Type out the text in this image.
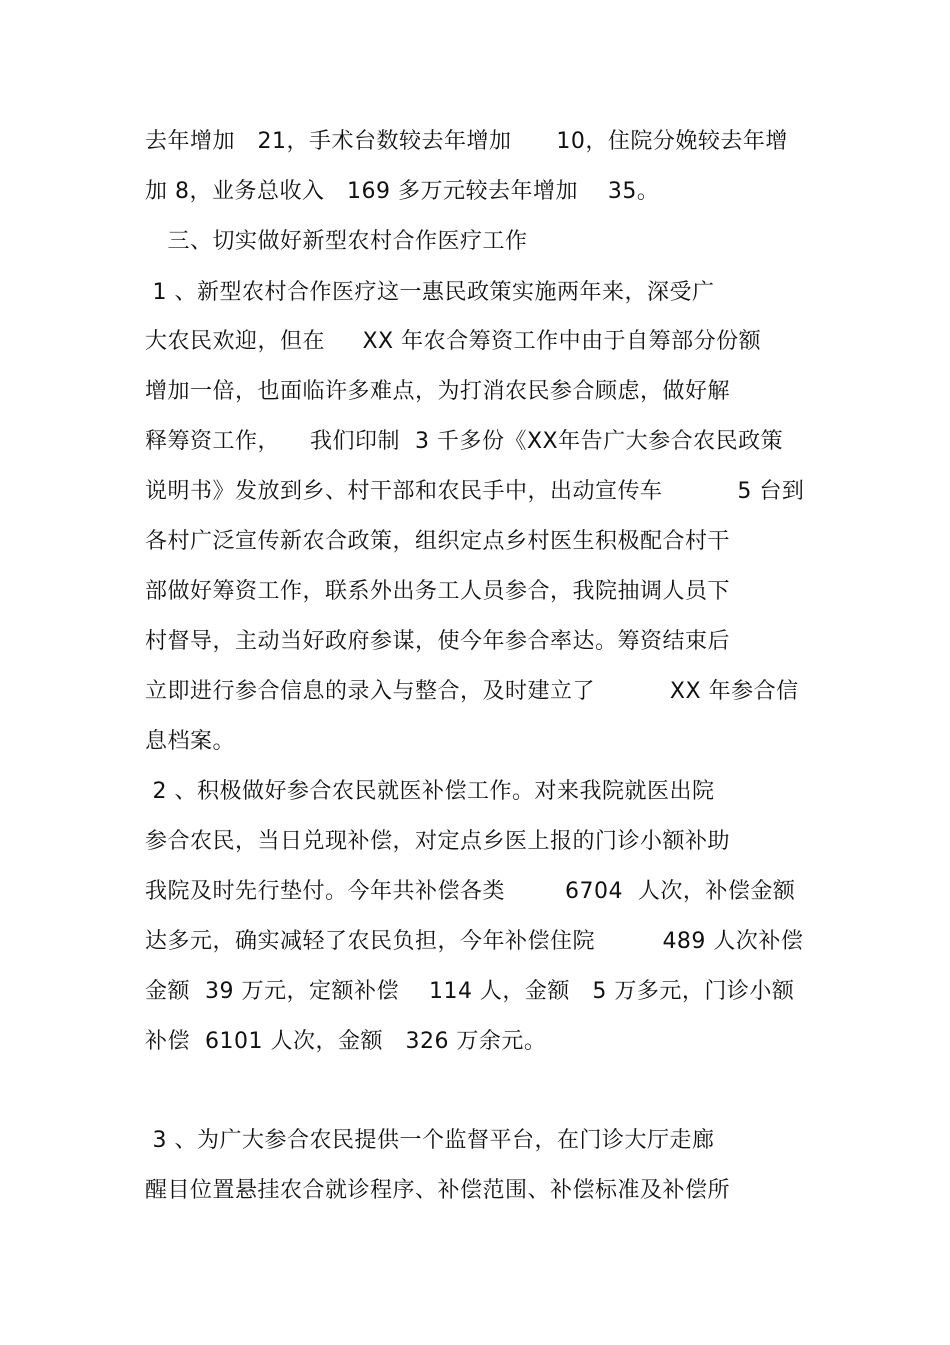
去年增加   21，手术台数较去年增加      10，住院分娩较去年增
加 8，业务总收入   169 多万元较去年增加    35。
三、切实做好新型农村合作医疗工作
1 、新型农村合作医疗这一惠民政策实施两年来，深受广
大农民欢迎，但在     XX 年农合筹资工作中由于自筹部分份额
增加一倍，也面临许多难点，为打消农民参合顾虑，做好解
释筹资工作，    我们印制  3 千多份《XX年告广大参合农民政策
说明书》发放到乡、村干部和农民手中，出动宣传车          5 台到
各村广泛宣传新农合政策，组织定点乡村医生积极配合村干
部做好筹资工作，联系外出务工人员参合，我院抽调人员下
村督导，主动当好政府参谋，使今年参合率达。筹资结束后
立即进行参合信息的录入与整合，及时建立了          XX 年参合信
息档案。
2 、积极做好参合农民就医补偿工作。对来我院就医出院
参合农民，当日兑现补偿，对定点乡医上报的门诊小额补助
我院及时先行垫付。今年共补偿各类        6704  人次，补偿金额
达多元，确实减轻了农民负担，今年补偿住院         489 人次补偿
金额  39 万元，定额补偿    114 人，金额   5 万多元，门诊小额
补偿  6101 人次，金额   326 万余元。
3 、为广大参合农民提供一个监督平台，在门诊大厅走廊
醒目位置悬挂农合就诊程序、补偿范围、补偿标准及补偿所
